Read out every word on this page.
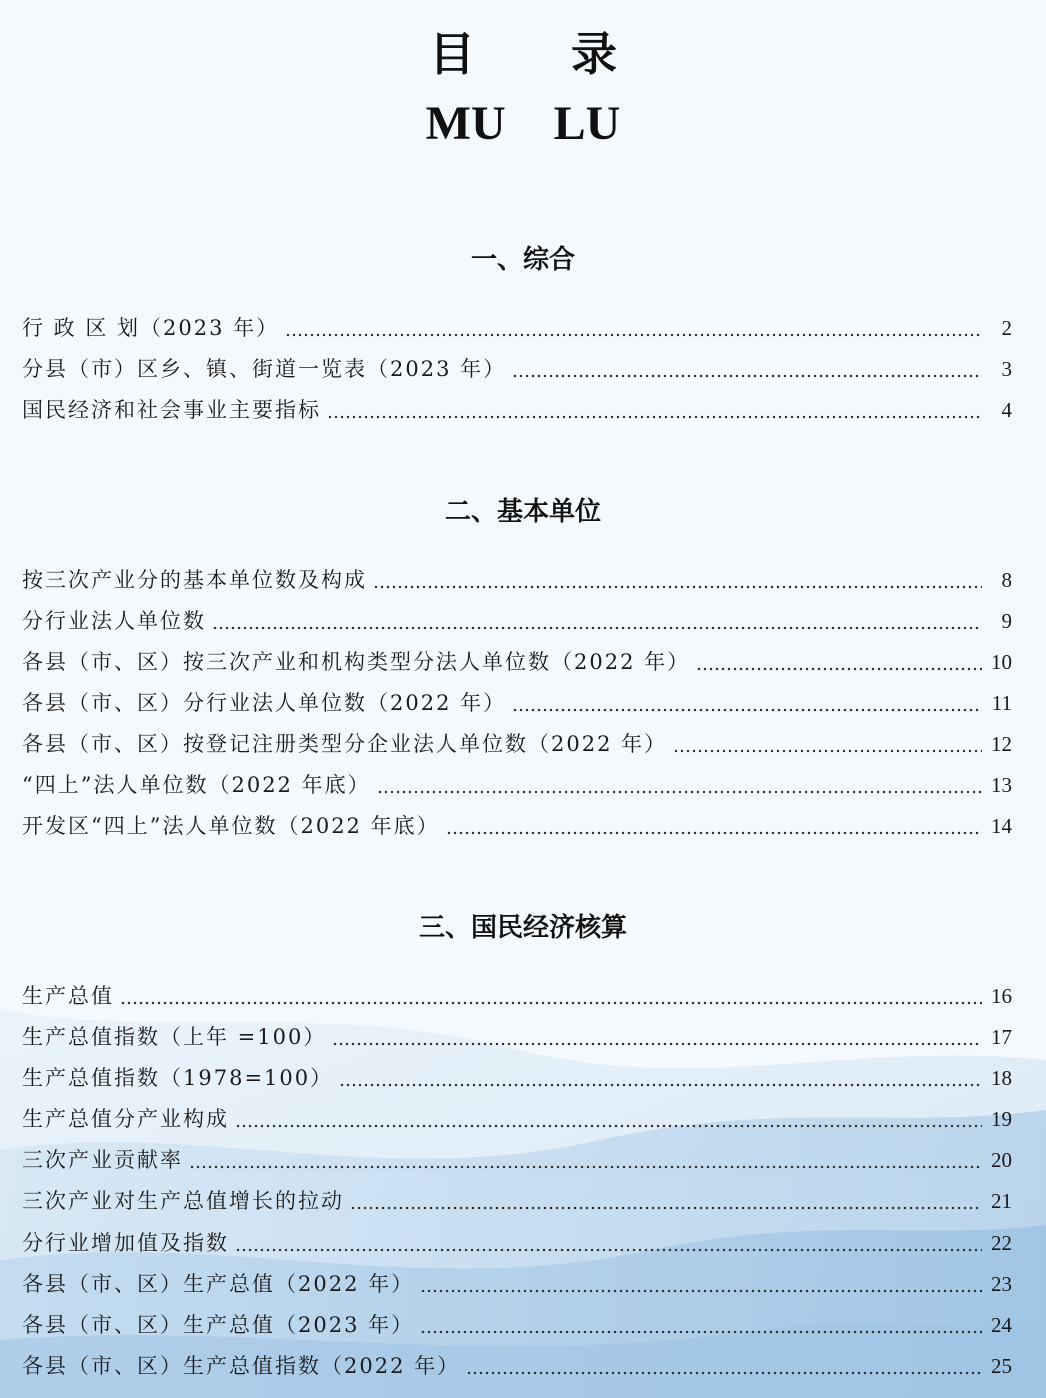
目      录
MU    LU
一、综合
行 政 区 划（2023 年）	2
分县（市）区乡、镇、街道一览表（2023 年）	3
国民经济和社会事业主要指标	4
二、基本单位
按三次产业分的基本单位数及构成	8
分行业法人单位数	9
各县（市、区）按三次产业和机构类型分法人单位数（2022 年）	10
各县（市、区）分行业法人单位数（2022 年）	11
各县（市、区）按登记注册类型分企业法人单位数（2022 年）	12
“四上”法人单位数（2022 年底）	13
开发区“四上”法人单位数（2022 年底）	14
三、国民经济核算
生产总值	16
生产总值指数（上年 =100）	17
生产总值指数（1978=100）	18
生产总值分产业构成	19
三次产业贡献率	20
三次产业对生产总值增长的拉动	21
分行业增加值及指数	22
各县（市、区）生产总值（2022 年）	23
各县（市、区）生产总值（2023 年）	24
各县（市、区）生产总值指数（2022 年）	25
